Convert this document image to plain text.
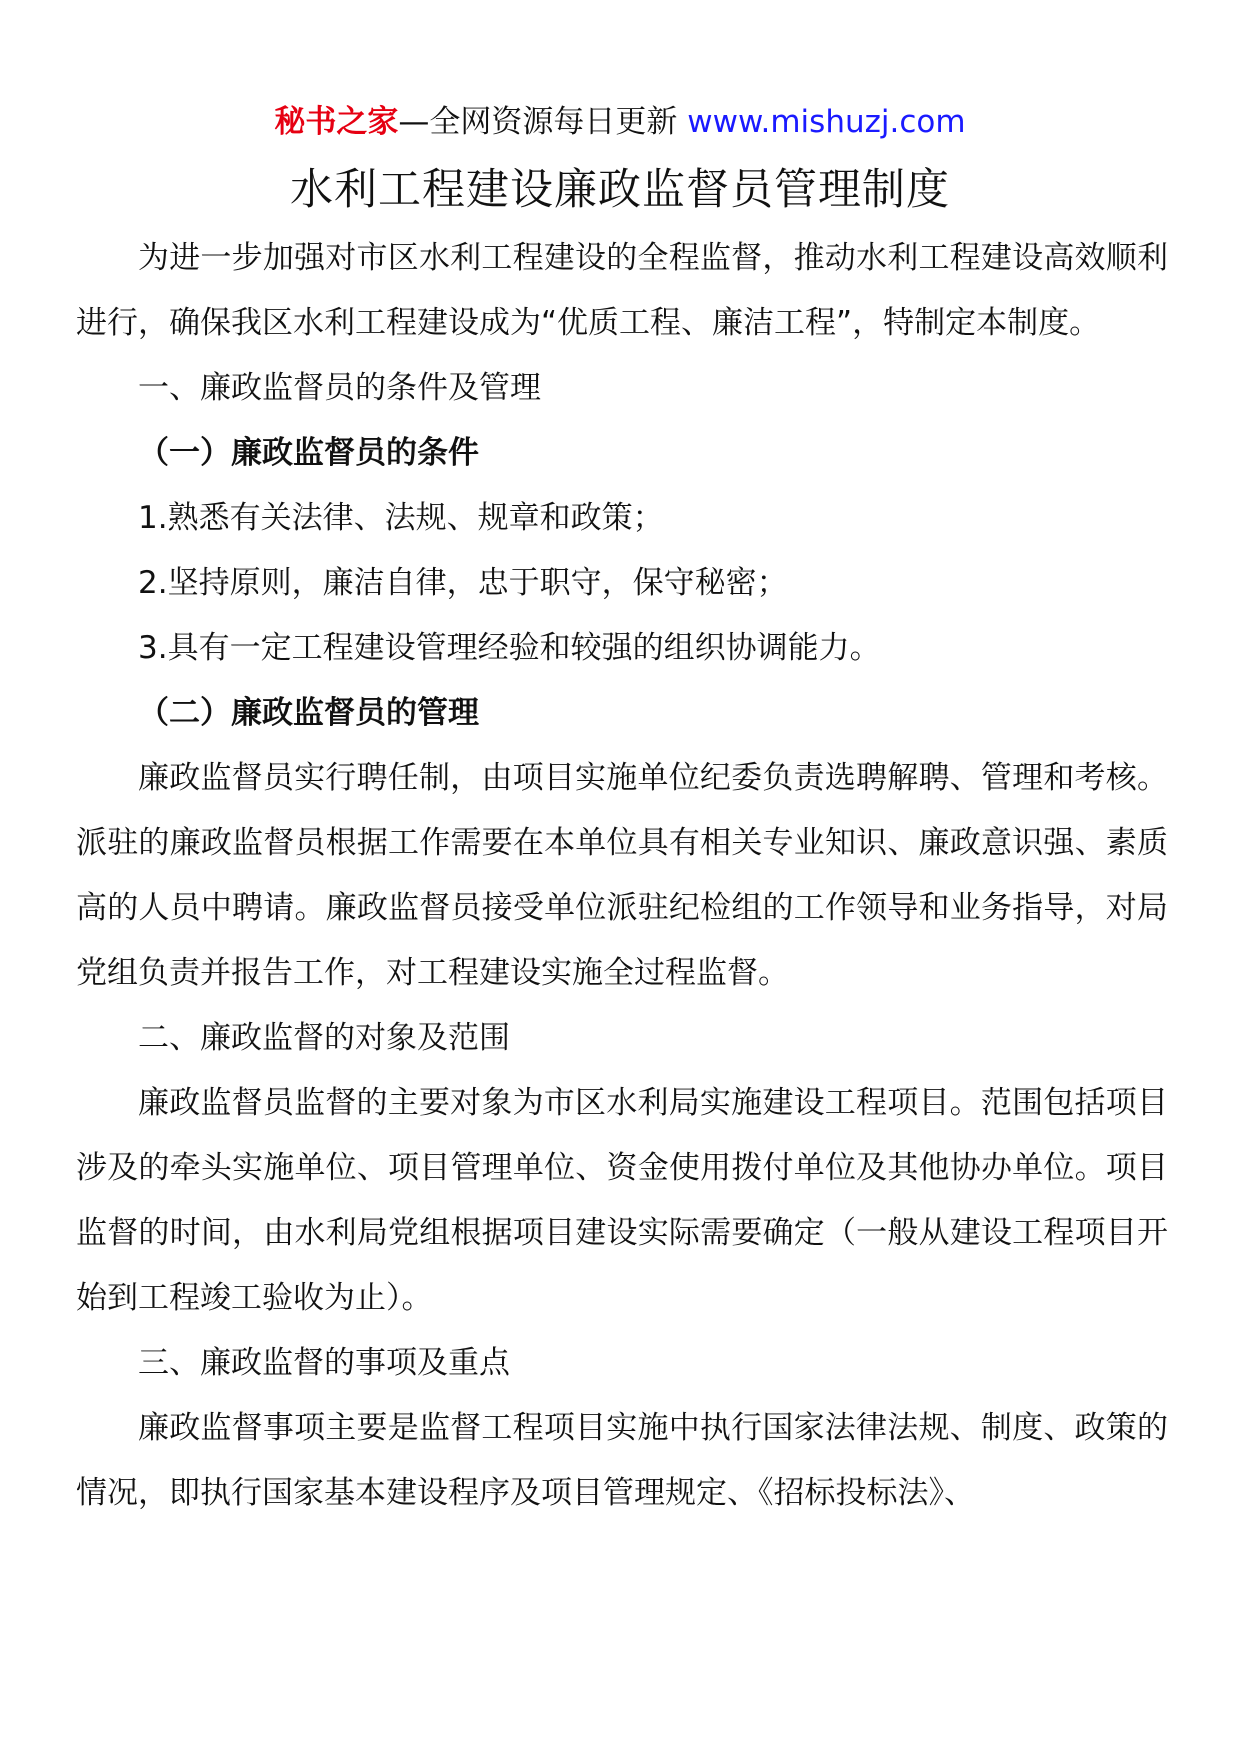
秘书之家—全网资源每日更新 www.mishuzj.com
水利工程建设廉政监督员管理制度

为进一步加强对市区水利工程建设的全程监督，推动水利工程建设高效顺利进行，确保我区水利工程建设成为“优质工程、廉洁工程”，特制定本制度。

一、廉政监督员的条件及管理

（一）廉政监督员的条件

1.熟悉有关法律、法规、规章和政策；

2.坚持原则，廉洁自律，忠于职守，保守秘密；

3.具有一定工程建设管理经验和较强的组织协调能力。

（二）廉政监督员的管理

廉政监督员实行聘任制，由项目实施单位纪委负责选聘解聘、管理和考核。派驻的廉政监督员根据工作需要在本单位具有相关专业知识、廉政意识强、素质高的人员中聘请。廉政监督员接受单位派驻纪检组的工作领导和业务指导，对局党组负责并报告工作，对工程建设实施全过程监督。

二、廉政监督的对象及范围

廉政监督员监督的主要对象为市区水利局实施建设工程项目。范围包括项目涉及的牵头实施单位、项目管理单位、资金使用拨付单位及其他协办单位。项目监督的时间，由水利局党组根据项目建设实际需要确定（一般从建设工程项目开始到工程竣工验收为止）。

三、廉政监督的事项及重点

廉政监督事项主要是监督工程项目实施中执行国家法律法规、制度、政策的情况，即执行国家基本建设程序及项目管理规定、《招标投标法》、
